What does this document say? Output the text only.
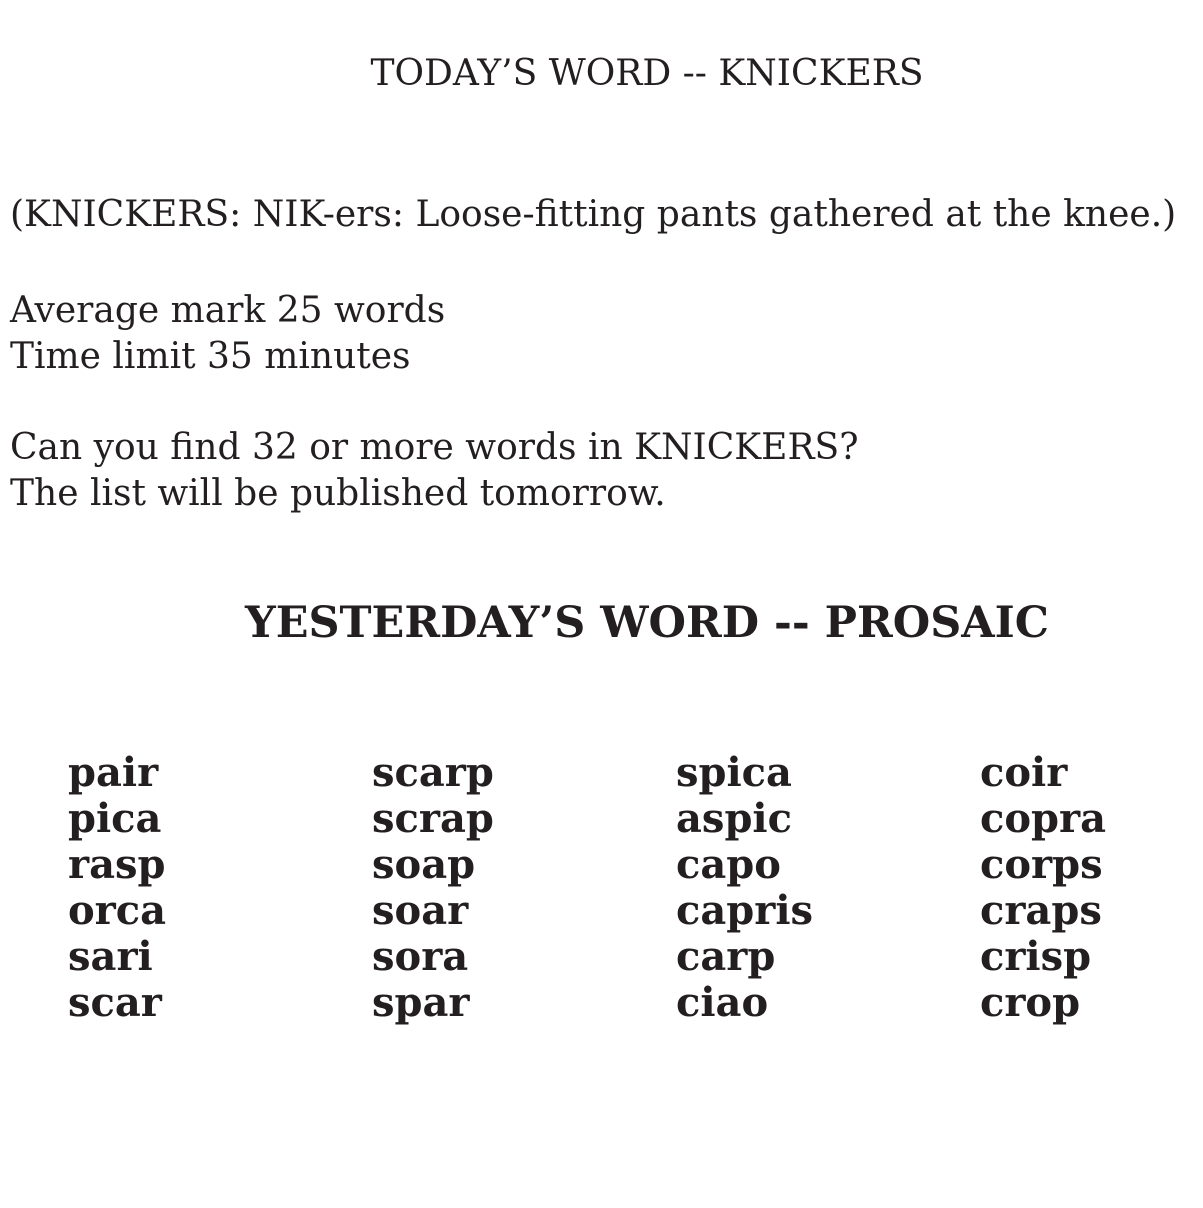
TODAY’S WORD -- KNICKERS
(KNICKERS: NIK-ers: Loose-fitting pants gathered at the knee.)
Average mark 25 words
Time limit 35 minutes
Can you find 32 or more words in KNICKERS?
The list will be published tomorrow.
YESTERDAY’S WORD -- PROSAIC
pair
pica
rasp
orca
sari
scar
scarp
scrap
soap
soar
sora
spar
spica
aspic
capo
capris
carp
ciao
coir
copra
corps
craps
crisp
crop
